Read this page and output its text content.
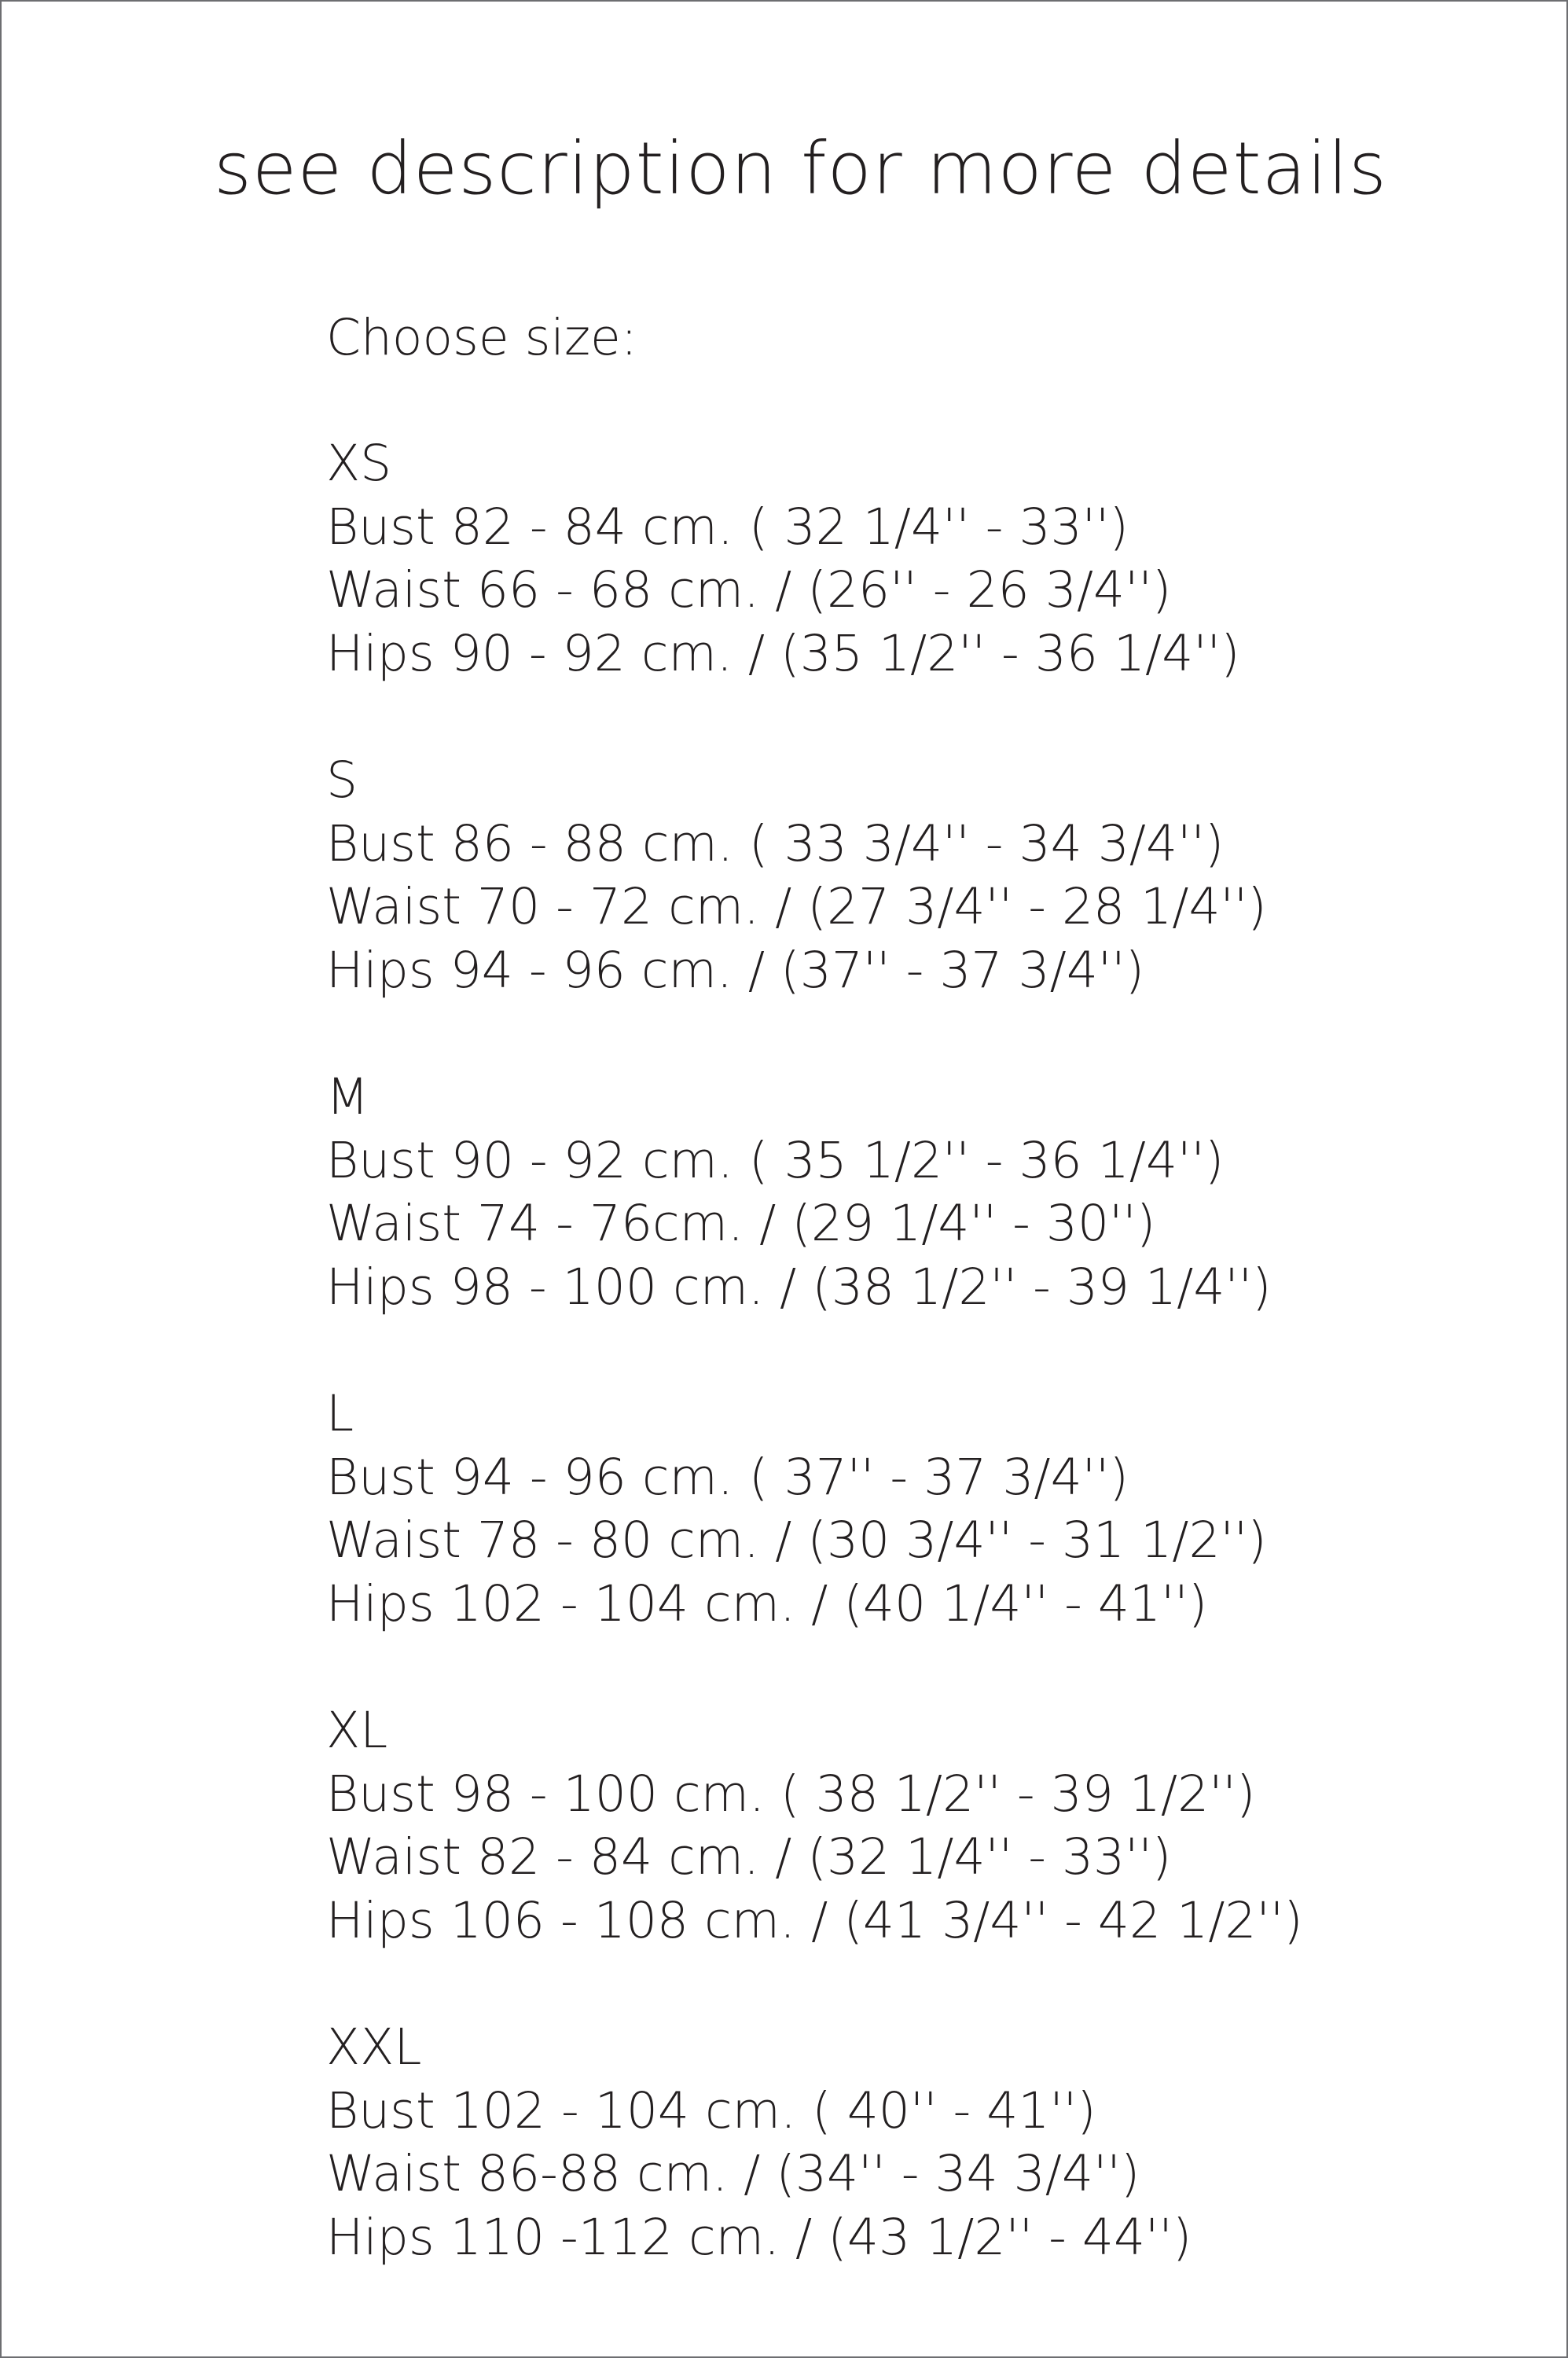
see description for more details
Choose size:
XS
Bust 82 - 84 cm. ( 32 1/4'' - 33'')
Waist 66 - 68 cm. / (26'' - 26 3/4'')
Hips 90 - 92 cm. / (35 1/2'' - 36 1/4'')
S
Bust 86 - 88 cm. ( 33 3/4'' - 34 3/4'')
Waist 70 - 72 cm. / (27 3/4'' - 28 1/4'')
Hips 94 - 96 cm. / (37'' - 37 3/4'')
M
Bust 90 - 92 cm. ( 35 1/2'' - 36 1/4'')
Waist 74 - 76cm. / (29 1/4'' - 30'')
Hips 98 - 100 cm. / (38 1/2'' - 39 1/4'')
L
Bust 94 - 96 cm. ( 37'' - 37 3/4'')
Waist 78 - 80 cm. / (30 3/4'' - 31 1/2'')
Hips 102 - 104 cm. / (40 1/4'' - 41'')
XL
Bust 98 - 100 cm. ( 38 1/2'' - 39 1/2'')
Waist 82 - 84 cm. / (32 1/4'' - 33'')
Hips 106 - 108 cm. / (41 3/4'' - 42 1/2'')
XXL
Bust 102 - 104 cm. ( 40'' - 41'')
Waist 86-88 cm. / (34'' - 34 3/4'')
Hips 110 -112 cm. / (43 1/2'' - 44'')
